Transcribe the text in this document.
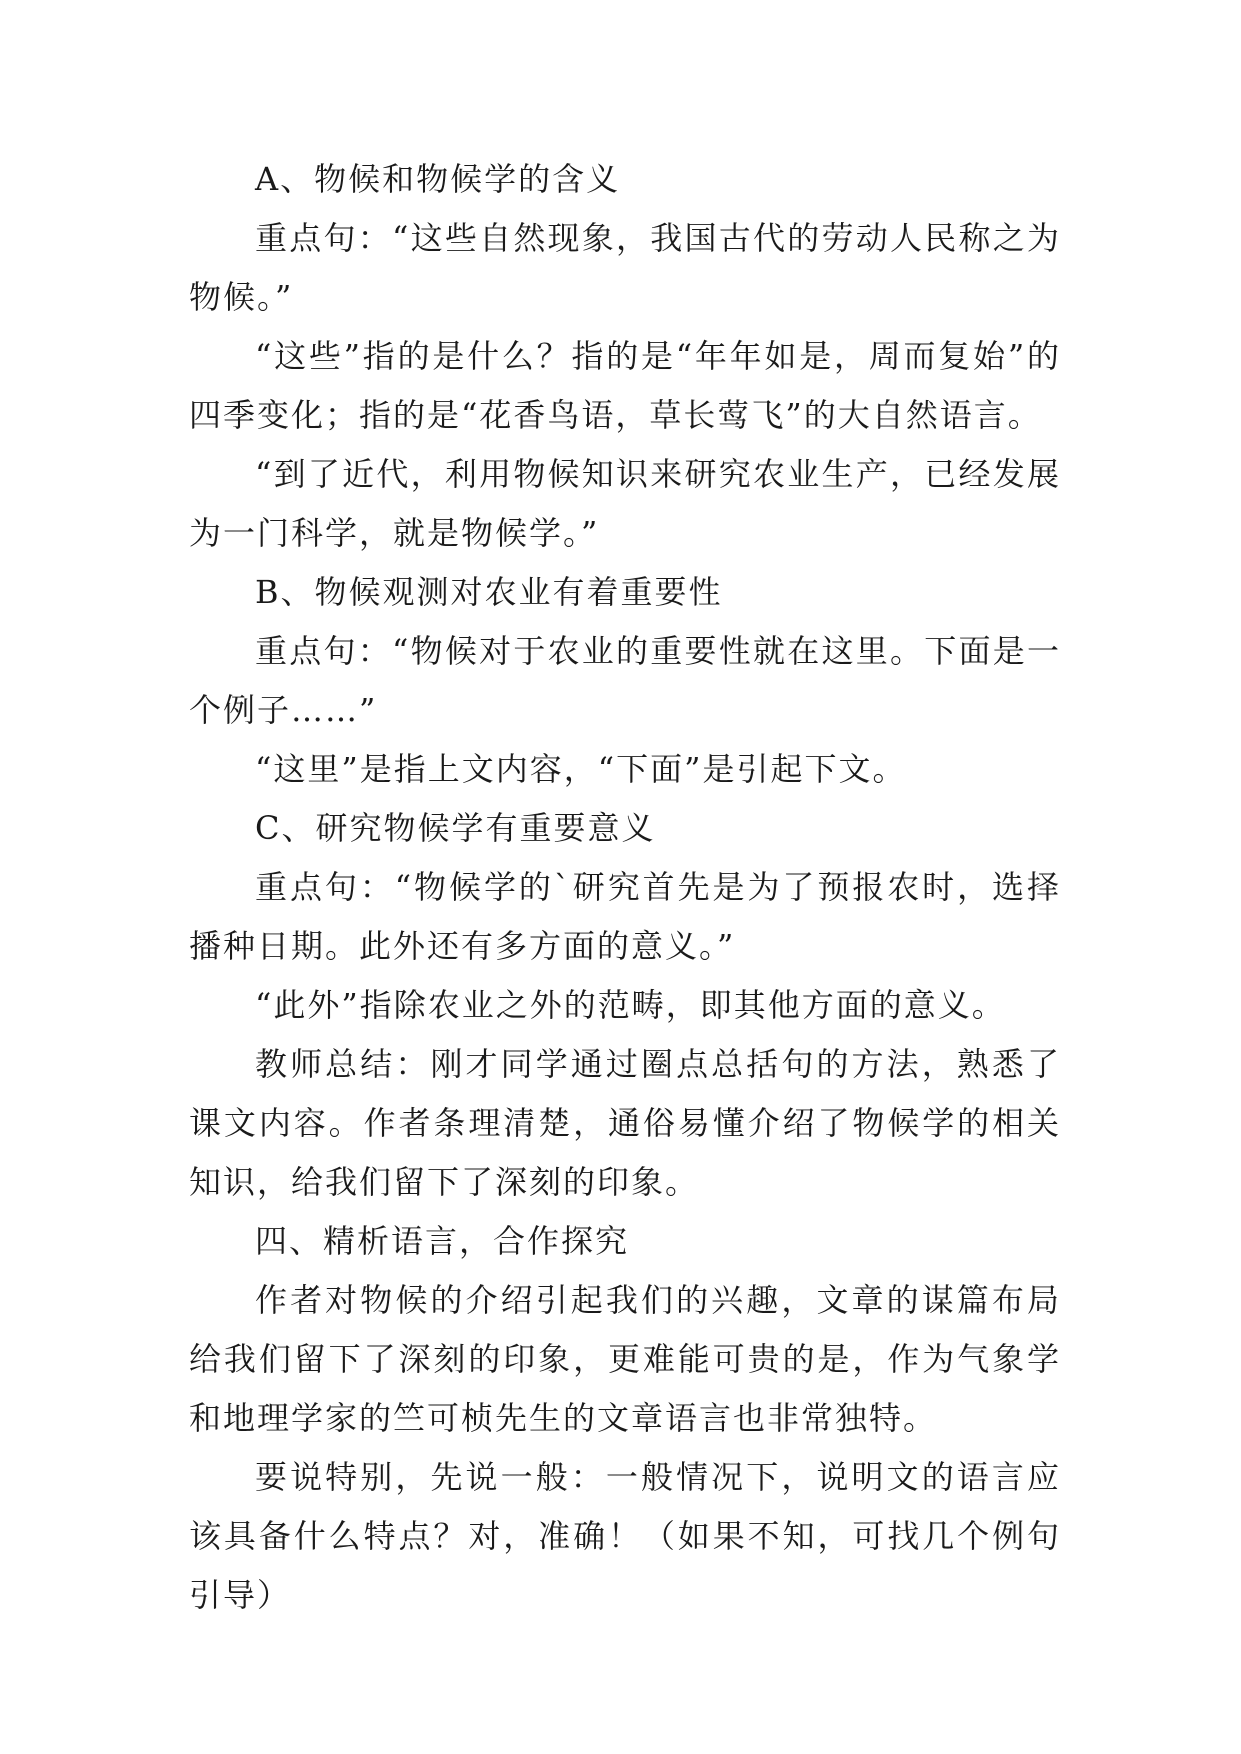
A、物候和物候学的含义

重点句：“这些自然现象，我国古代的劳动人民称之为物候。”

“这些”指的是什么？指的是“年年如是，周而复始”的四季变化；指的是“花香鸟语，草长莺飞”的大自然语言。

“到了近代，利用物候知识来研究农业生产，已经发展为一门科学，就是物候学。”

B、物候观测对农业有着重要性

重点句：“物候对于农业的重要性就在这里。下面是一个例子……”

“这里”是指上文内容，“下面”是引起下文。

C、研究物候学有重要意义

重点句：“物候学的`研究首先是为了预报农时，选择播种日期。此外还有多方面的意义。”

“此外”指除农业之外的范畴，即其他方面的意义。

教师总结：刚才同学通过圈点总括句的方法，熟悉了课文内容。作者条理清楚，通俗易懂介绍了物候学的相关知识，给我们留下了深刻的印象。

四、精析语言，合作探究

作者对物候的介绍引起我们的兴趣，文章的谋篇布局给我们留下了深刻的印象，更难能可贵的是，作为气象学和地理学家的竺可桢先生的文章语言也非常独特。

要说特别，先说一般：一般情况下，说明文的语言应该具备什么特点？对，准确！（如果不知，可找几个例句引导）
